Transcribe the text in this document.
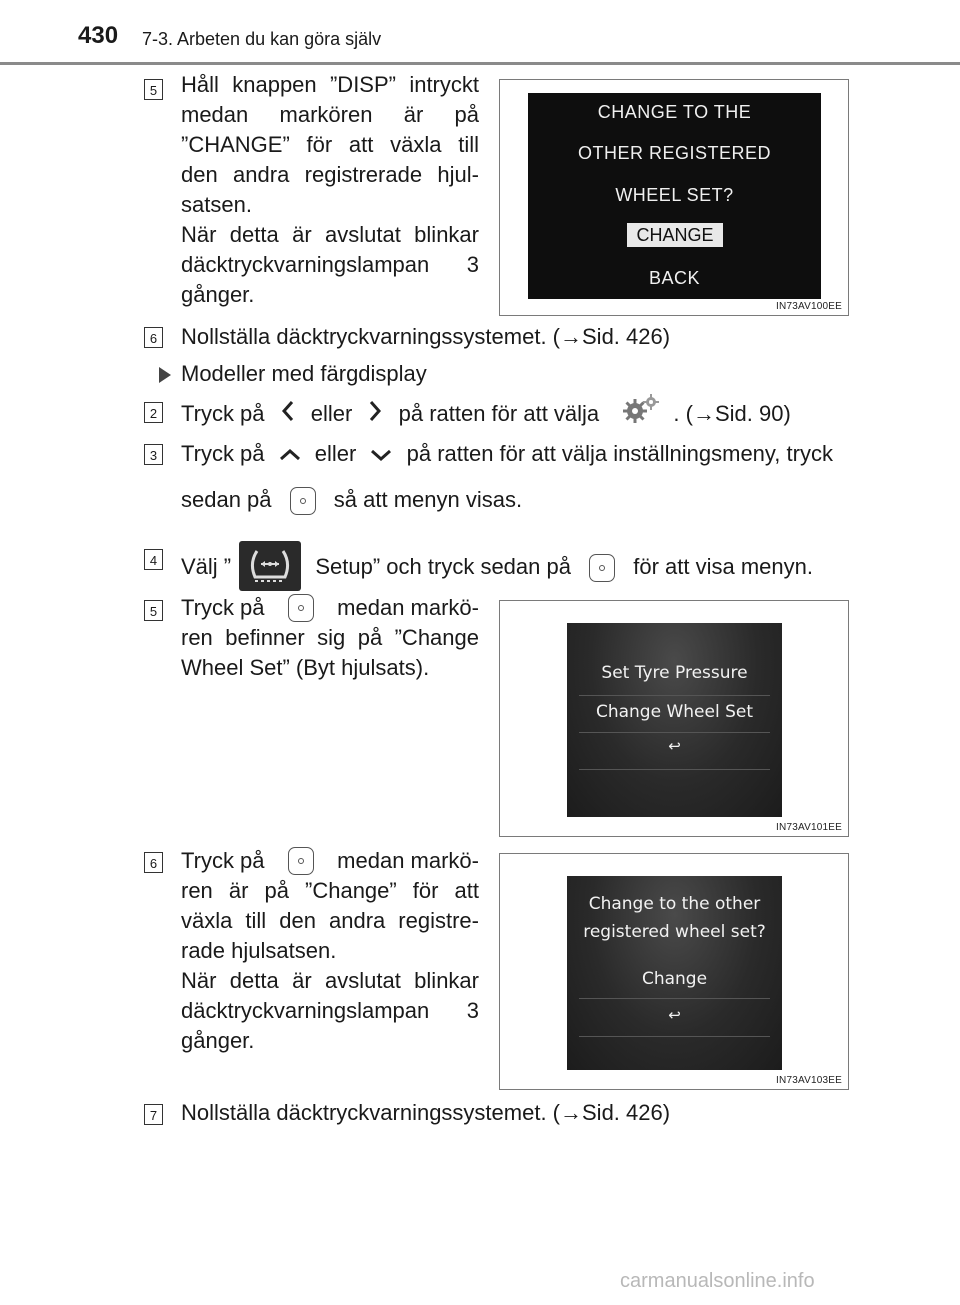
430 7-3. Arbeten du kan göra själv
5 Håll knappen ”DISP” intryckt
medan markören är på
”CHANGE” för att växla till
den andra registrerade hjul-
satsen.
När detta är avslutat blinkar
däcktryckvarningslampan 3
gånger.
CHANGE TO THE
OTHER REGISTERED
WHEEL SET?
CHANGE
BACK
IN73AV100EE
6 Nollställa däcktryckvarningssystemet. (→Sid. 426)
Modeller med färgdisplay
2 Tryck på eller på ratten för att välja	. (→Sid. 90)
3 Tryck på eller på ratten för att välja inställningsmeny, tryck
sedan på	så att menyn visas.
4 Välj ”	Setup” och tryck sedan på	för att visa menyn.
5 Tryck på	medan markö-
ren befinner sig på ”Change
Wheel Set” (Byt hjulsats).	Set Tyre Pressure
Change Wheel Set
↩
IN73AV101EE
6 Tryck på	medan markö-
ren är på ”Change” för att
växla till den andra registre-
rade hjulsatsen.
När detta är avslutat blinkar
däcktryckvarningslampan 3
gånger.
Change to the other
registered wheel set?
Change
↩
IN73AV103EE
7 Nollställa däcktryckvarningssystemet. (→Sid. 426)
carmanualsonline.info
